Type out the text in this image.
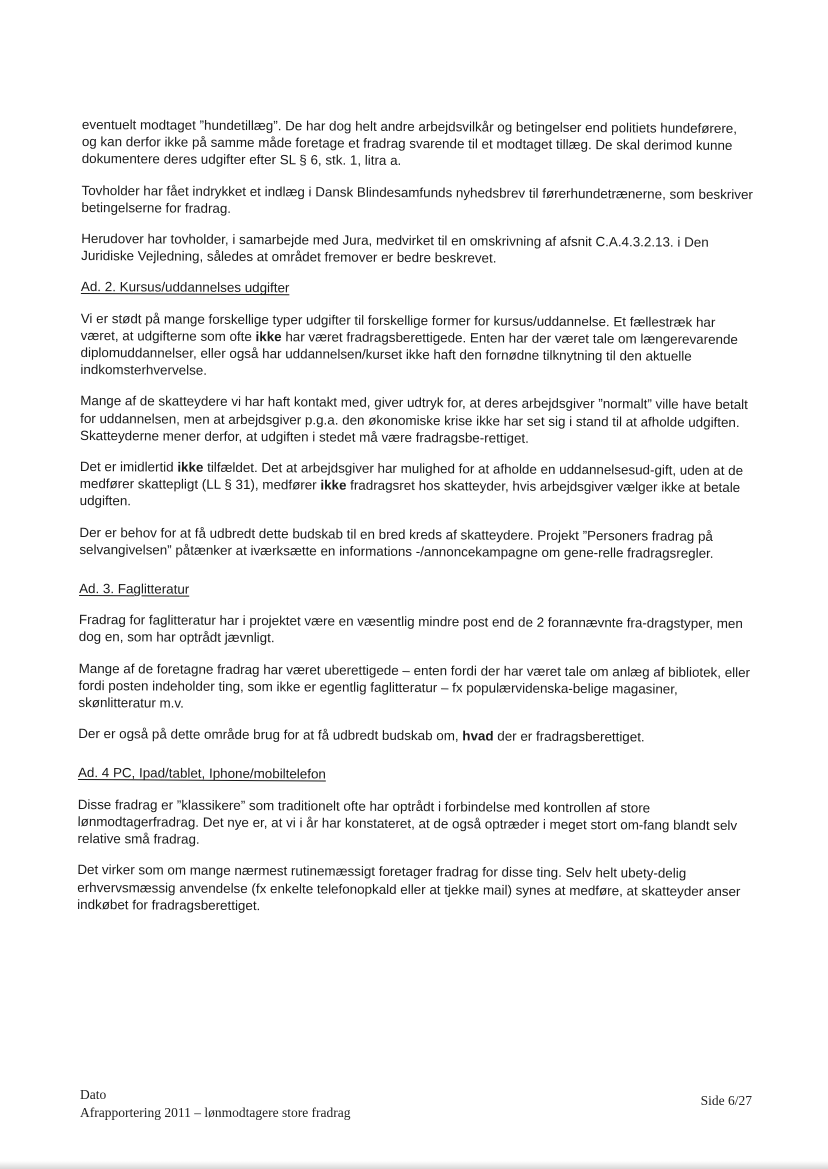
eventuelt modtaget ”hundetillæg”. De har dog helt andre arbejdsvilkår og betingelser end politiets hundeførere, og kan derfor ikke på samme måde foretage et fradrag svarende til et modtaget tillæg. De skal derimod kunne dokumentere deres udgifter efter SL § 6, stk. 1, litra a.

Tovholder har fået indrykket et indlæg i Dansk Blindesamfunds nyhedsbrev til førerhundetrænerne, som beskriver betingelserne for fradrag.

Herudover har tovholder, i samarbejde med Jura, medvirket til en omskrivning af afsnit C.A.4.3.2.13. i Den Juridiske Vejledning, således at området fremover er bedre beskrevet.

Ad. 2. Kursus/uddannelses udgifter

Vi er stødt på mange forskellige typer udgifter til forskellige former for kursus/uddannelse. Et fællestræk har været, at udgifterne som ofte ikke har været fradragsberettigede. Enten har der været tale om længerevarende diplomuddannelser, eller også har uddannelsen/kurset ikke haft den fornødne tilknytning til den aktuelle indkomsterhvervelse.

Mange af de skatteydere vi har haft kontakt med, giver udtryk for, at deres arbejdsgiver ”normalt” ville have betalt for uddannelsen, men at arbejdsgiver p.g.a. den økonomiske krise ikke har set sig i stand til at afholde udgiften. Skatteyderne mener derfor, at udgiften i stedet må være fradragsbe-rettiget.

Det er imidlertid ikke tilfældet. Det at arbejdsgiver har mulighed for at afholde en uddannelsesud-gift, uden at de medfører skattepligt (LL § 31), medfører ikke fradragsret hos skatteyder, hvis arbejdsgiver vælger ikke at betale udgiften.

Der er behov for at få udbredt dette budskab til en bred kreds af skatteydere. Projekt ”Personers fradrag på selvangivelsen” påtænker at iværksætte en informations -/annoncekampagne om gene-relle fradragsregler.

Ad. 3. Faglitteratur

Fradrag for faglitteratur har i projektet være en væsentlig mindre post end de 2 forannævnte fra-dragstyper, men dog en, som har optrådt jævnligt.

Mange af de foretagne fradrag har været uberettigede – enten fordi der har været tale om anlæg af bibliotek, eller fordi posten indeholder ting, som ikke er egentlig faglitteratur – fx populærvidenska-belige magasiner, skønlitteratur m.v.

Der er også på dette område brug for at få udbredt budskab om, hvad der er fradragsberettiget.

Ad. 4 PC, Ipad/tablet, Iphone/mobiltelefon

Disse fradrag er ”klassikere” som traditionelt ofte har optrådt i forbindelse med kontrollen af store lønmodtagerfradrag. Det nye er, at vi i år har konstateret, at de også optræder i meget stort om-fang blandt selv relative små fradrag.

Det virker som om mange nærmest rutinemæssigt foretager fradrag for disse ting. Selv helt ubety-delig erhvervsmæssig anvendelse (fx enkelte telefonopkald eller at tjekke mail) synes at medføre, at skatteyder anser indkøbet for fradragsberettiget.

Dato
Afrapportering 2011 – lønmodtagere store fradrag
Side 6/27
